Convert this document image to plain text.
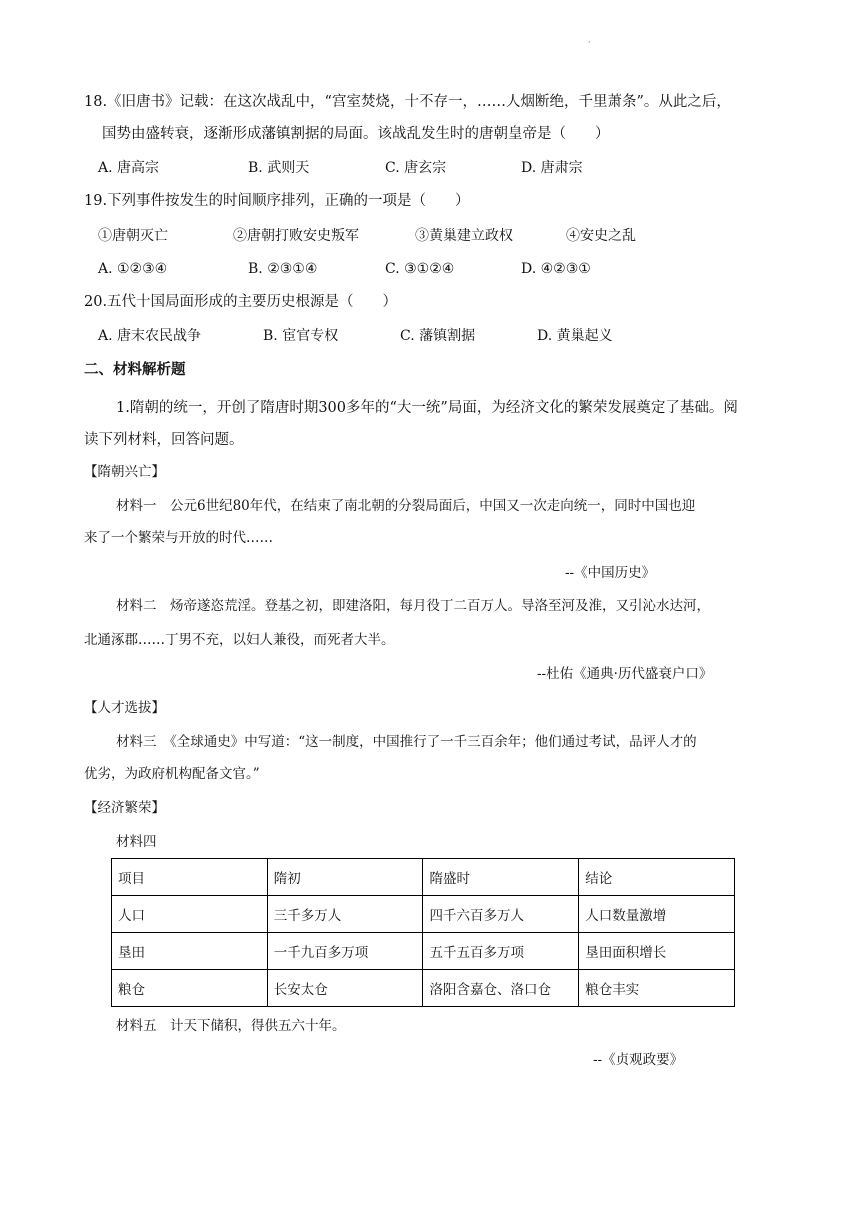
·
18.《旧唐书》记载：在这次战乱中，“宫室焚烧，十不存一，……人烟断绝，千里萧条”。从此之后，
国势由盛转衰，逐渐形成藩镇割据的局面。该战乱发生时的唐朝皇帝是（　　）
A. 唐高宗	B. 武则天	C. 唐玄宗	D. 唐肃宗
19.下列事件按发生的时间顺序排列，正确的一项是（　　）
①唐朝灭亡	②唐朝打败安史叛军	③黄巢建立政权	④安史之乱
A. ①②③④	B. ②③①④	C. ③①②④	D. ④②③①
20.五代十国局面形成的主要历史根源是（　　）
A. 唐末农民战争	B. 宦官专权	C. 藩镇割据	D. 黄巢起义
二、材料解析题
1.隋朝的统一，开创了隋唐时期300多年的“大一统”局面，为经济文化的繁荣发展奠定了基础。阅
读下列材料，回答问题。
【隋朝兴亡】
材料一　公元6世纪80年代，在结束了南北朝的分裂局面后，中国又一次走向统一，同时中国也迎
来了一个繁荣与开放的时代……
--《中国历史》
材料二　炀帝遂恣荒淫。登基之初，即建洛阳，每月役丁二百万人。导洛至河及淮，又引沁水达河，
北通涿郡……丁男不充，以妇人兼役，而死者大半。
--杜佑《通典·历代盛衰户口》
【人才选拔】
材料三　《全球通史》中写道：“这一制度，中国推行了一千三百余年；他们通过考试，品评人才的
优劣，为政府机构配备文官。”
【经济繁荣】
材料四
项目	隋初	隋盛时	结论
人口	三千多万人	四千六百多万人	人口数量激增
垦田	一千九百多万项	五千五百多万项	垦田面积增长
粮仓	长安太仓	洛阳含嘉仓、洛口仓	粮仓丰实
材料五　计天下储积，得供五六十年。
--《贞观政要》
